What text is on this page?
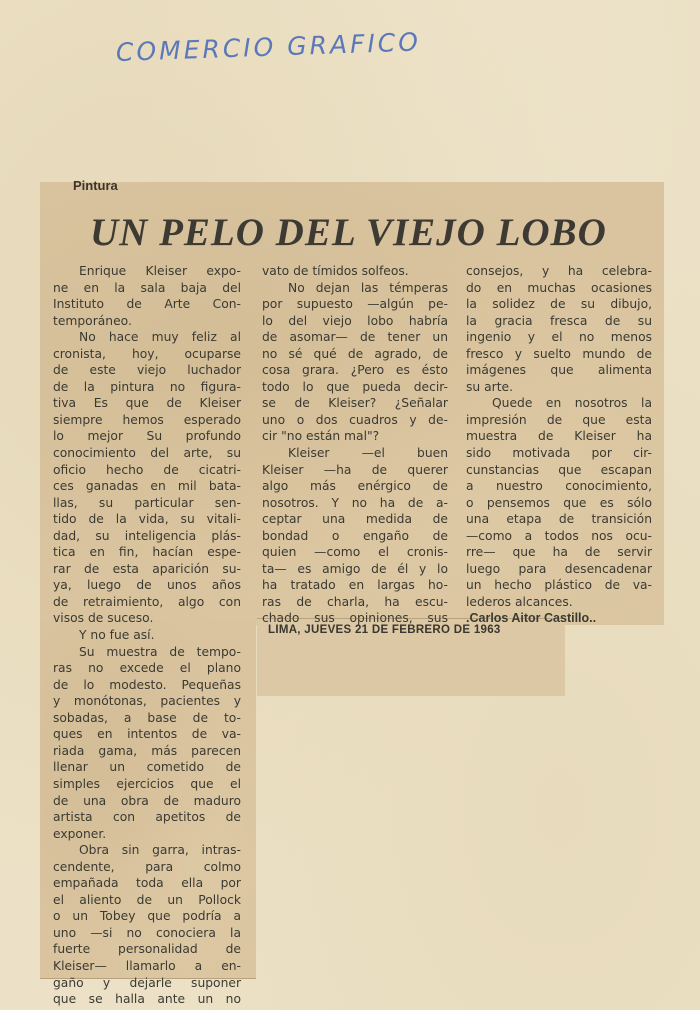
COMERCIO GRAFICO
Pintura
UN PELO DEL VIEJO LOBO
Enrique Kleiser expo-
ne en la sala baja del
Instituto de Arte Con-
temporáneo.
No hace muy feliz al
cronista, hoy, ocuparse
de este viejo luchador
de la pintura no figura-
tiva Es que de Kleiser
siempre hemos esperado
lo mejor Su profundo
conocimiento del arte, su
oficio hecho de cicatri-
ces ganadas en mil bata-
llas, su particular sen-
tido de la vida, su vitali-
dad, su inteligencia plás-
tica en fin, hacían espe-
rar de esta aparición su-
ya, luego de unos años
de retraimiento, algo con
visos de suceso.
Y no fue así.
Su muestra de tempo-
ras no excede el plano
de lo modesto. Pequeñas
y monótonas, pacientes y
sobadas, a base de to-
ques en intentos de va-
riada gama, más parecen
llenar un cometido de
simples ejercicios que el
de una obra de maduro
artista con apetitos de
exponer.
Obra sin garra, intras-
cendente, para colmo
empañada toda ella por
el aliento de un Pollock
o un Tobey que podría a
uno —si no conociera la
fuerte personalidad de
Kleiser— llamarlo a en-
gaño y dejarle suponer
que se halla ante un no
vato de tímidos solfeos.
No dejan las témperas
por supuesto —algún pe-
lo del viejo lobo habría
de asomar— de tener un
no sé qué de agrado, de
cosa grara. ¿Pero es ésto
todo lo que pueda decir-
se de Kleiser? ¿Señalar
uno o dos cuadros y de-
cir "no están mal"?
Kleiser —el buen
Kleiser —ha de querer
algo más enérgico de
nosotros. Y no ha de a-
ceptar una medida de
bondad o engaño de
quien —como el cronis-
ta— es amigo de él y lo
ha tratado en largas ho-
ras de charla, ha escu-
chado sus opiniones, sus
consejos, y ha celebra-
do en muchas ocasiones
la solidez de su dibujo,
la gracia fresca de su
ingenio y el no menos
fresco y suelto mundo de
imágenes que alimenta
su arte.
Quede en nosotros la
impresión de que esta
muestra de Kleiser ha
sido motivada por cir-
cunstancias que escapan
a nuestro conocimiento,
o pensemos que es sólo
una etapa de transición
—como a todos nos ocu-
rre— que ha de servir
luego para desencadenar
un hecho plástico de va-
lederos alcances.
.Carlos Aitor Castillo..
LIMA, JUEVES 21 DE FEBRERO DE 1963
